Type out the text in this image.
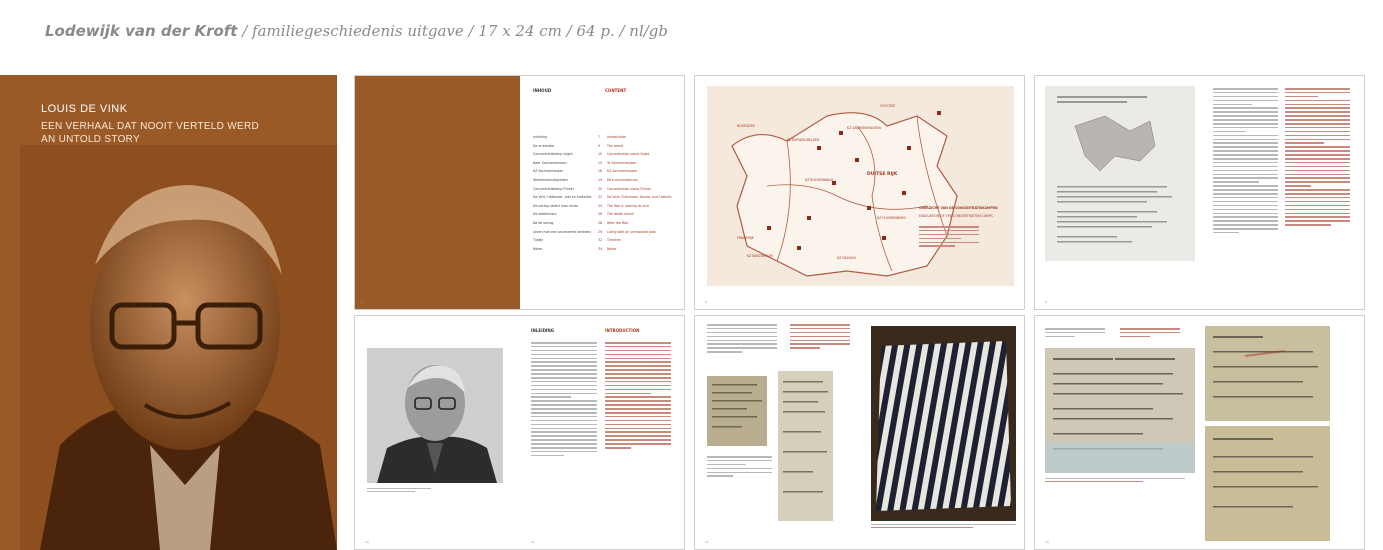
Lodewijk van der Kroft / familiegeschiedenis uitgave / 17 x 24 cm / 64 p. / nl/gb
LOUIS DE VINK
EEN VERHAAL DAT NOOIT VERTELD WERD
AN UNTOLD STORY
INHOUD	CONTENT
Inleiding	7 Introduction
De arrestatie	9 The arrest
Concentratiekamp Vught	10 Concentration camp Vught
Naar Sachsenhausen	15 To Sachsenhausen
KZ Sachsenhausen	16 KZ Sachsenhausen
Werkomstandigheden	19 Dire circumstances
Concentratiekamp Flinker	20 Concentration camp Flinker
De Vink, Hollander, arts en katholiek 22 De Vink: Dutchman, Doctor and Catholic
De oorlog nadert haar einde	24 The War is nearing its end
De dodenmars	26 The death march
Na de oorlog	28 After the War
Leven met een onverwerkt verleden 29 Living with an unresolved past
Tijdlijn	32 Timeline
Noten	34 Notes
4
DUITSE RIJK
NOORDZEE
OOSTZEE
FRANKRIJK
KZ SACHSENHAUSEN
KZ BERGEN-BELSEN
KZ BUCHENWALD
KZ DACHAU
KZ NATZWEILER
KZ FLOSSENBÜRG
OVERZICHT VAN DE CONCENTRATIEKAMPEN
EVACUATION OF THE CONCENTRATION CAMPS
6	8
INLEIDING	INTRODUCTION
10	11	12	13
